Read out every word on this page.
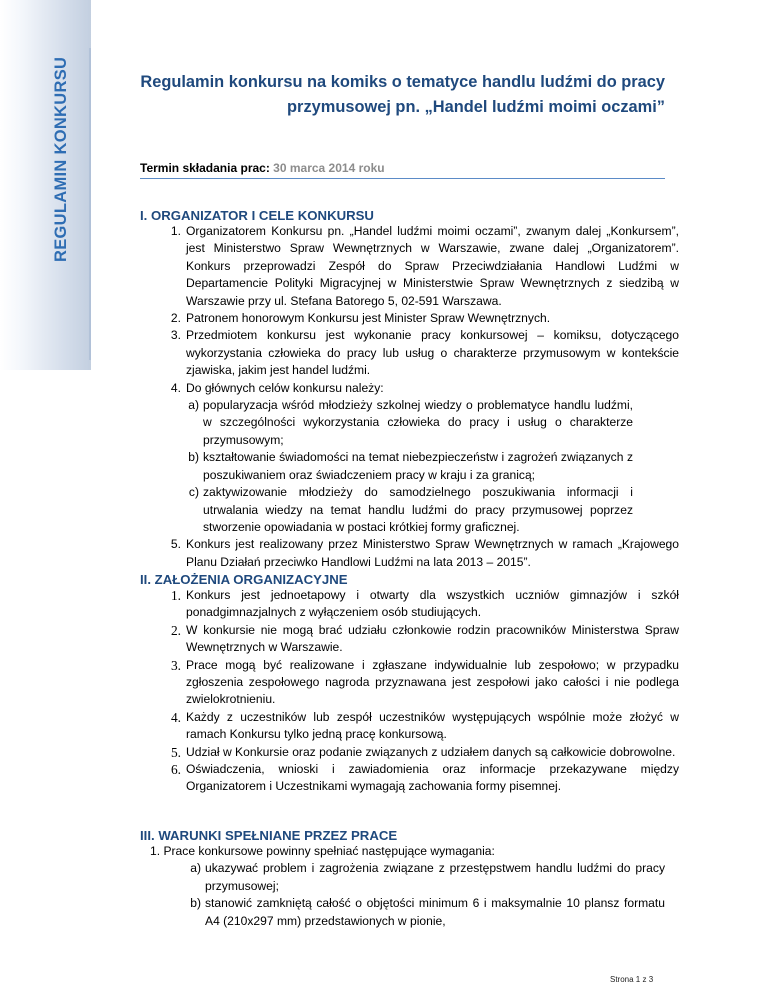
REGULAMIN KONKURSU	Regulamin konkursu na komiks o tematyce handlu ludźmi do pracy
przymusowej pn. „Handel ludźmi moimi oczami”
Termin składania prac: 30 marca 2014 roku
I. ORGANIZATOR I CELE KONKURSU
1. Organizatorem Konkursu pn. „Handel ludźmi moimi oczami”, zwanym dalej „Konkursem”, jest Ministerstwo Spraw Wewnętrznych w Warszawie, zwane dalej „Organizatorem”. Konkurs przeprowadzi Zespół do Spraw Przeciwdziałania Handlowi Ludźmi w Departamencie Polityki Migracyjnej w Ministerstwie Spraw Wewnętrznych z siedzibą w Warszawie przy ul. Stefana Batorego 5, 02-591 Warszawa.
2. Patronem honorowym Konkursu jest Minister Spraw Wewnętrznych.
3. Przedmiotem konkursu jest wykonanie pracy konkursowej – komiksu, dotyczącego wykorzystania człowieka do pracy lub usług o charakterze przymusowym w kontekście zjawiska, jakim jest handel ludźmi.
4. Do głównych celów konkursu należy:
a) popularyzacja wśród młodzieży szkolnej wiedzy o problematyce handlu ludźmi, w szczególności wykorzystania człowieka do pracy i usług o charakterze przymusowym;
b) kształtowanie świadomości na temat niebezpieczeństw i zagrożeń związanych z poszukiwaniem oraz świadczeniem pracy w kraju i za granicą;
c) zaktywizowanie młodzieży do samodzielnego poszukiwania informacji i utrwalania wiedzy na temat handlu ludźmi do pracy przymusowej poprzez stworzenie opowiadania w postaci krótkiej formy graficznej.
5. Konkurs jest realizowany przez Ministerstwo Spraw Wewnętrznych w ramach „Krajowego Planu Działań przeciwko Handlowi Ludźmi na lata 2013 – 2015”.
II. ZAŁOŻENIA ORGANIZACYJNE
1. Konkurs jest jednoetapowy i otwarty dla wszystkich uczniów gimnazjów i szkół ponadgimnazjalnych z wyłączeniem osób studiujących.
2. W konkursie nie mogą brać udziału członkowie rodzin pracowników Ministerstwa Spraw Wewnętrznych w Warszawie.
3. Prace mogą być realizowane i zgłaszane indywidualnie lub zespołowo; w przypadku zgłoszenia zespołowego nagroda przyznawana jest zespołowi jako całości i nie podlega zwielokrotnieniu.
4. Każdy z uczestników lub zespół uczestników występujących wspólnie może złożyć w ramach Konkursu tylko jedną pracę konkursową.
5. Udział w Konkursie oraz podanie związanych z udziałem danych są całkowicie dobrowolne.
6. Oświadczenia, wnioski i zawiadomienia oraz informacje przekazywane między Organizatorem i Uczestnikami wymagają zachowania formy pisemnej.
III. WARUNKI SPEŁNIANE PRZEZ PRACE
1. Prace konkursowe powinny spełniać następujące wymagania:
a) ukazywać problem i zagrożenia związane z przestępstwem handlu ludźmi do pracy przymusowej;
b) stanowić zamkniętą całość o objętości minimum 6 i maksymalnie 10 plansz formatu A4 (210x297 mm) przedstawionych w pionie,
Strona 1 z 3
